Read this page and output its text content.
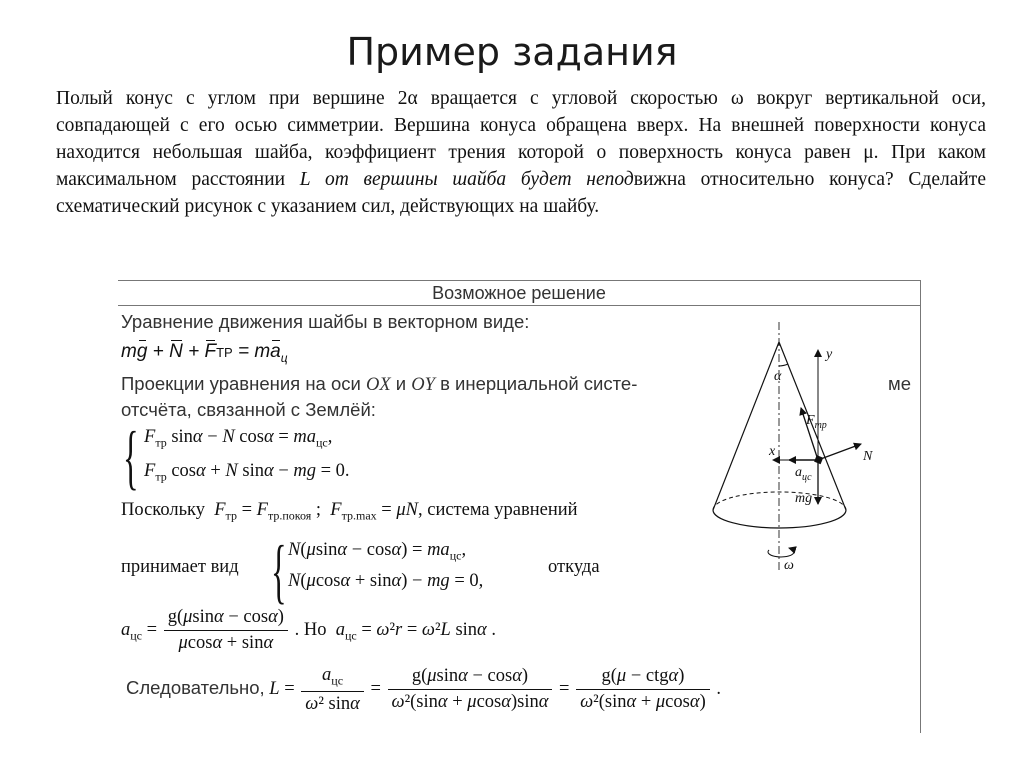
Пример задания
Полый конус с углом при вершине 2α вращается с угловой скоростью ω вокруг вертикальной оси, совпадающей с его осью симметрии. Вершина конуса обращена вверх. На внешней поверхности конуса находится небольшая шайба, коэффициент трения которой о поверхность конуса равен μ. При каком максимальном расстоянии L от вершины шайба будет неподвижна относительно конуса? Сделайте схематический рисунок с указанием сил, действующих на шайбу.
Возможное решение
Уравнение движения шайбы в векторном виде:
mg + N + FТР = $ma_ц$
Проекции уравнения на оси OX и OY в инерциальной систе-	ме
отсчёта, связанной с Землёй:
{ $F_{тр}$ sinα − N $\cos\alpha = ma_{цс}$,
$F_{тр}$ cosα + N sinα − mg = 0.
Поскольку $F_{тр} = F_{тр.покоя}$ ;  $F_{тр.max} = \mu N$, система уравнений
принимает вид { $N(\mu\sin\alpha - \cos\alpha) = ma_{цс}$,
N(μcosα + sinα) − mg = 0,
откуда
$a_{цс} = \frac{g(\mu\sin\alpha - \cos\alpha)}{\mu\cos\alpha + \sin\alpha}$ . Но $a_{цс} = \omega^2r = \omega^2L$ sinα .
Следовательно, $L = \frac{a_{цс}}{\text{ω² sinα}} = \frac{g(\mu\sin\alpha - \cos\alpha)}{\text{ω²(sinα + μcosα)sinα}} = \frac{\text{g(μ − ctgα)}}{\text{ω²(sinα + μcosα)}}$ .
α
y
x
$F_{mp}$
N
$a_{цс}$
mg
ω
